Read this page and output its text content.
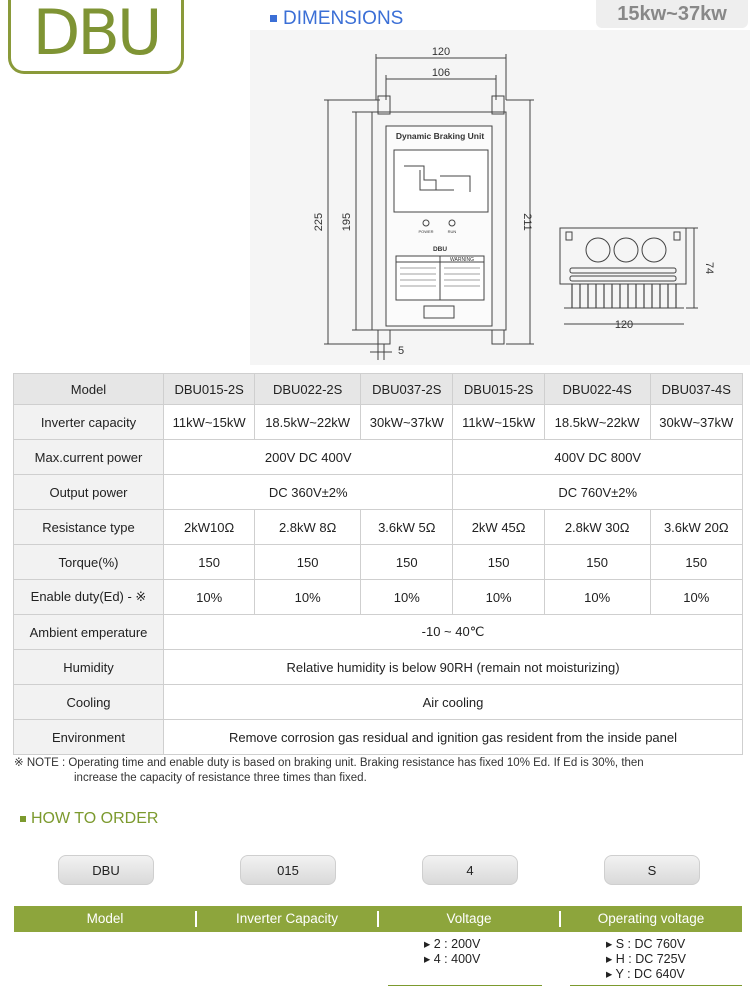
DBU	DIMENSIONS	15kw~37kw
120
106
Dynamic Braking Unit
POWER	RUN
DBU
WARNING
225 195	211
5
120
74
Model	DBU015-2S	DBU022-2S	DBU037-2S	DBU015-2S	DBU022-4S	DBU037-4S
Inverter capacity	11kW~15kW	18.5kW~22kW	30kW~37kW	11kW~15kW	18.5kW~22kW	30kW~37kW
Max.current power	200V DC 400V			400V DC 800V		
Output power	DC 360V±2%			DC 760V±2%		
Resistance type	2kW10Ω	2.8kW 8Ω	3.6kW 5Ω	2kW 45Ω	2.8kW 30Ω	3.6kW 20Ω
Torque(%)	150	150	150	150	150	150
Enable duty(Ed) - ※	10%	10%	10%	10%	10%	10%
Ambient emperature	-10 ~ 40℃					
Humidity	Relative humidity is below 90RH (remain not moisturizing)					
Cooling	Air cooling					
Environment	Remove corrosion gas residual and ignition gas resident from the inside panel					
※ NOTE : Operating time and enable duty is based on braking unit. Braking resistance has fixed 10% Ed. If Ed is 30%, then
increase the capacity of resistance three times than fixed.
HOW TO ORDER
DBU	015	4	S
Model	Inverter Capacity	Voltage	Operating voltage
▸ 2 : 200V
▸ 4 : 400V
▸ S : DC 760V
▸ H : DC 725V
▸ Y : DC 640V
